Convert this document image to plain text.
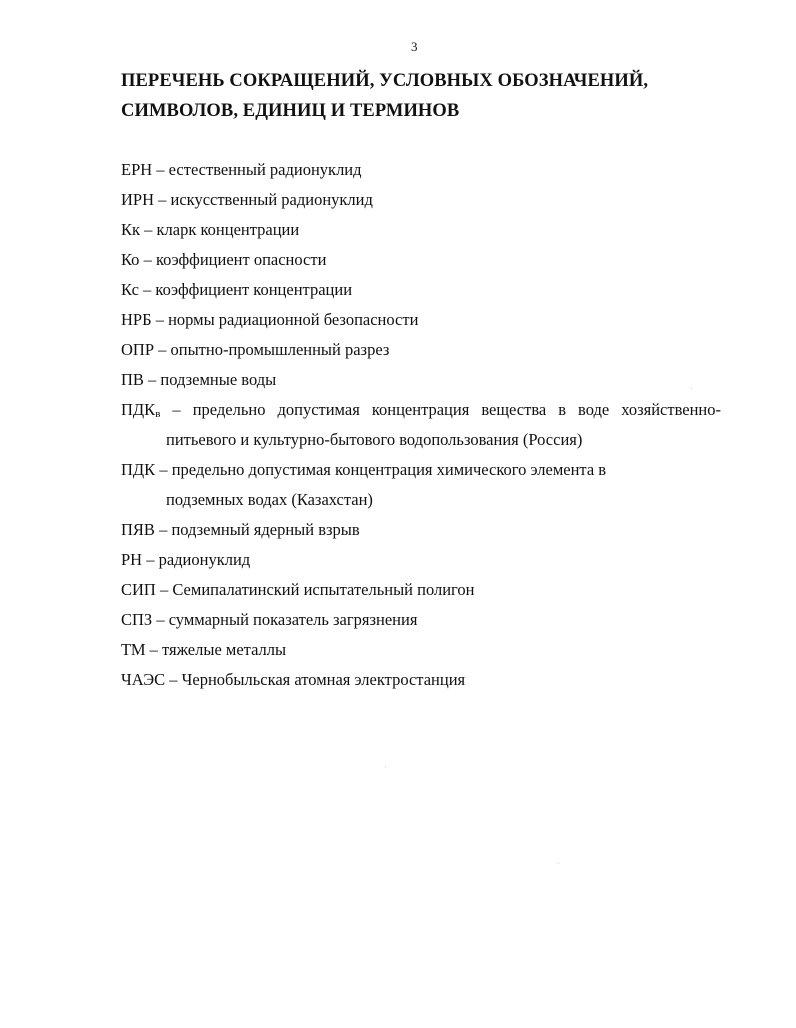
3
ПЕРЕЧЕНЬ СОКРАЩЕНИЙ, УСЛОВНЫХ ОБОЗНАЧЕНИЙ,
СИМВОЛОВ, ЕДИНИЦ И ТЕРМИНОВ
ЕРН – естественный радионуклид
ИРН – искусственный радионуклид
Кк – кларк концентрации
Ко – коэффициент опасности
Кс – коэффициент концентрации
НРБ – нормы радиационной безопасности
ОПР – опытно-промышленный разрез
ПВ – подземные воды
ПДКв – предельно допустимая концентрация вещества в воде хозяйственно-
питьевого и культурно-бытового водопользования (Россия)
ПДК – предельно допустимая концентрация химического элемента в
подземных водах (Казахстан)
ПЯВ – подземный ядерный взрыв
РН – радионуклид
СИП – Семипалатинский испытательный полигон
СПЗ – суммарный показатель загрязнения
ТМ – тяжелые металлы
ЧАЭС – Чернобыльская атомная электростанция
